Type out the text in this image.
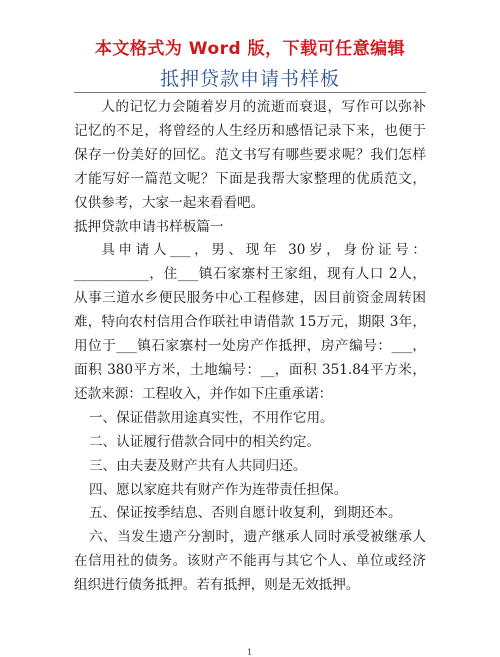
本文格式为 Word 版，下载可任意编辑
抵押贷款申请书样板

人的记忆力会随着岁月的流逝而衰退，写作可以弥补记忆的不足，将曾经的人生经历和感悟记录下来，也便于保存一份美好的回忆。范文书写有哪些要求呢？我们怎样才能写好一篇范文呢？下面是我帮大家整理的优质范文，仅供参考，大家一起来看看吧。

抵押贷款申请书样板篇一

具申请人___，男、现年 30岁，身份证号：

___________，住___镇石家寨村王家组，现有人口 2人，从事三道水乡便民服务中心工程修建，因目前资金周转困难，特向农村信用合作联社申请借款 15万元，期限 3年，用位于___镇石家寨村一处房产作抵押，房产编号：___，面积 380平方米，土地编号：__，面积 351.84平方米，还款来源：工程收入，并作如下庄重承诺：

一、保证借款用途真实性，不用作它用。

二、认证履行借款合同中的相关约定。

三、由夫妻及财产共有人共同归还。

四、愿以家庭共有财产作为连带责任担保。

五、保证按季结息、否则自愿计收复利，到期还本。

六、当发生遗产分割时，遗产继承人同时承受被继承人在信用社的债务。该财产不能再与其它个人、单位或经济组织进行债务抵押。若有抵押，则是无效抵押。

1
